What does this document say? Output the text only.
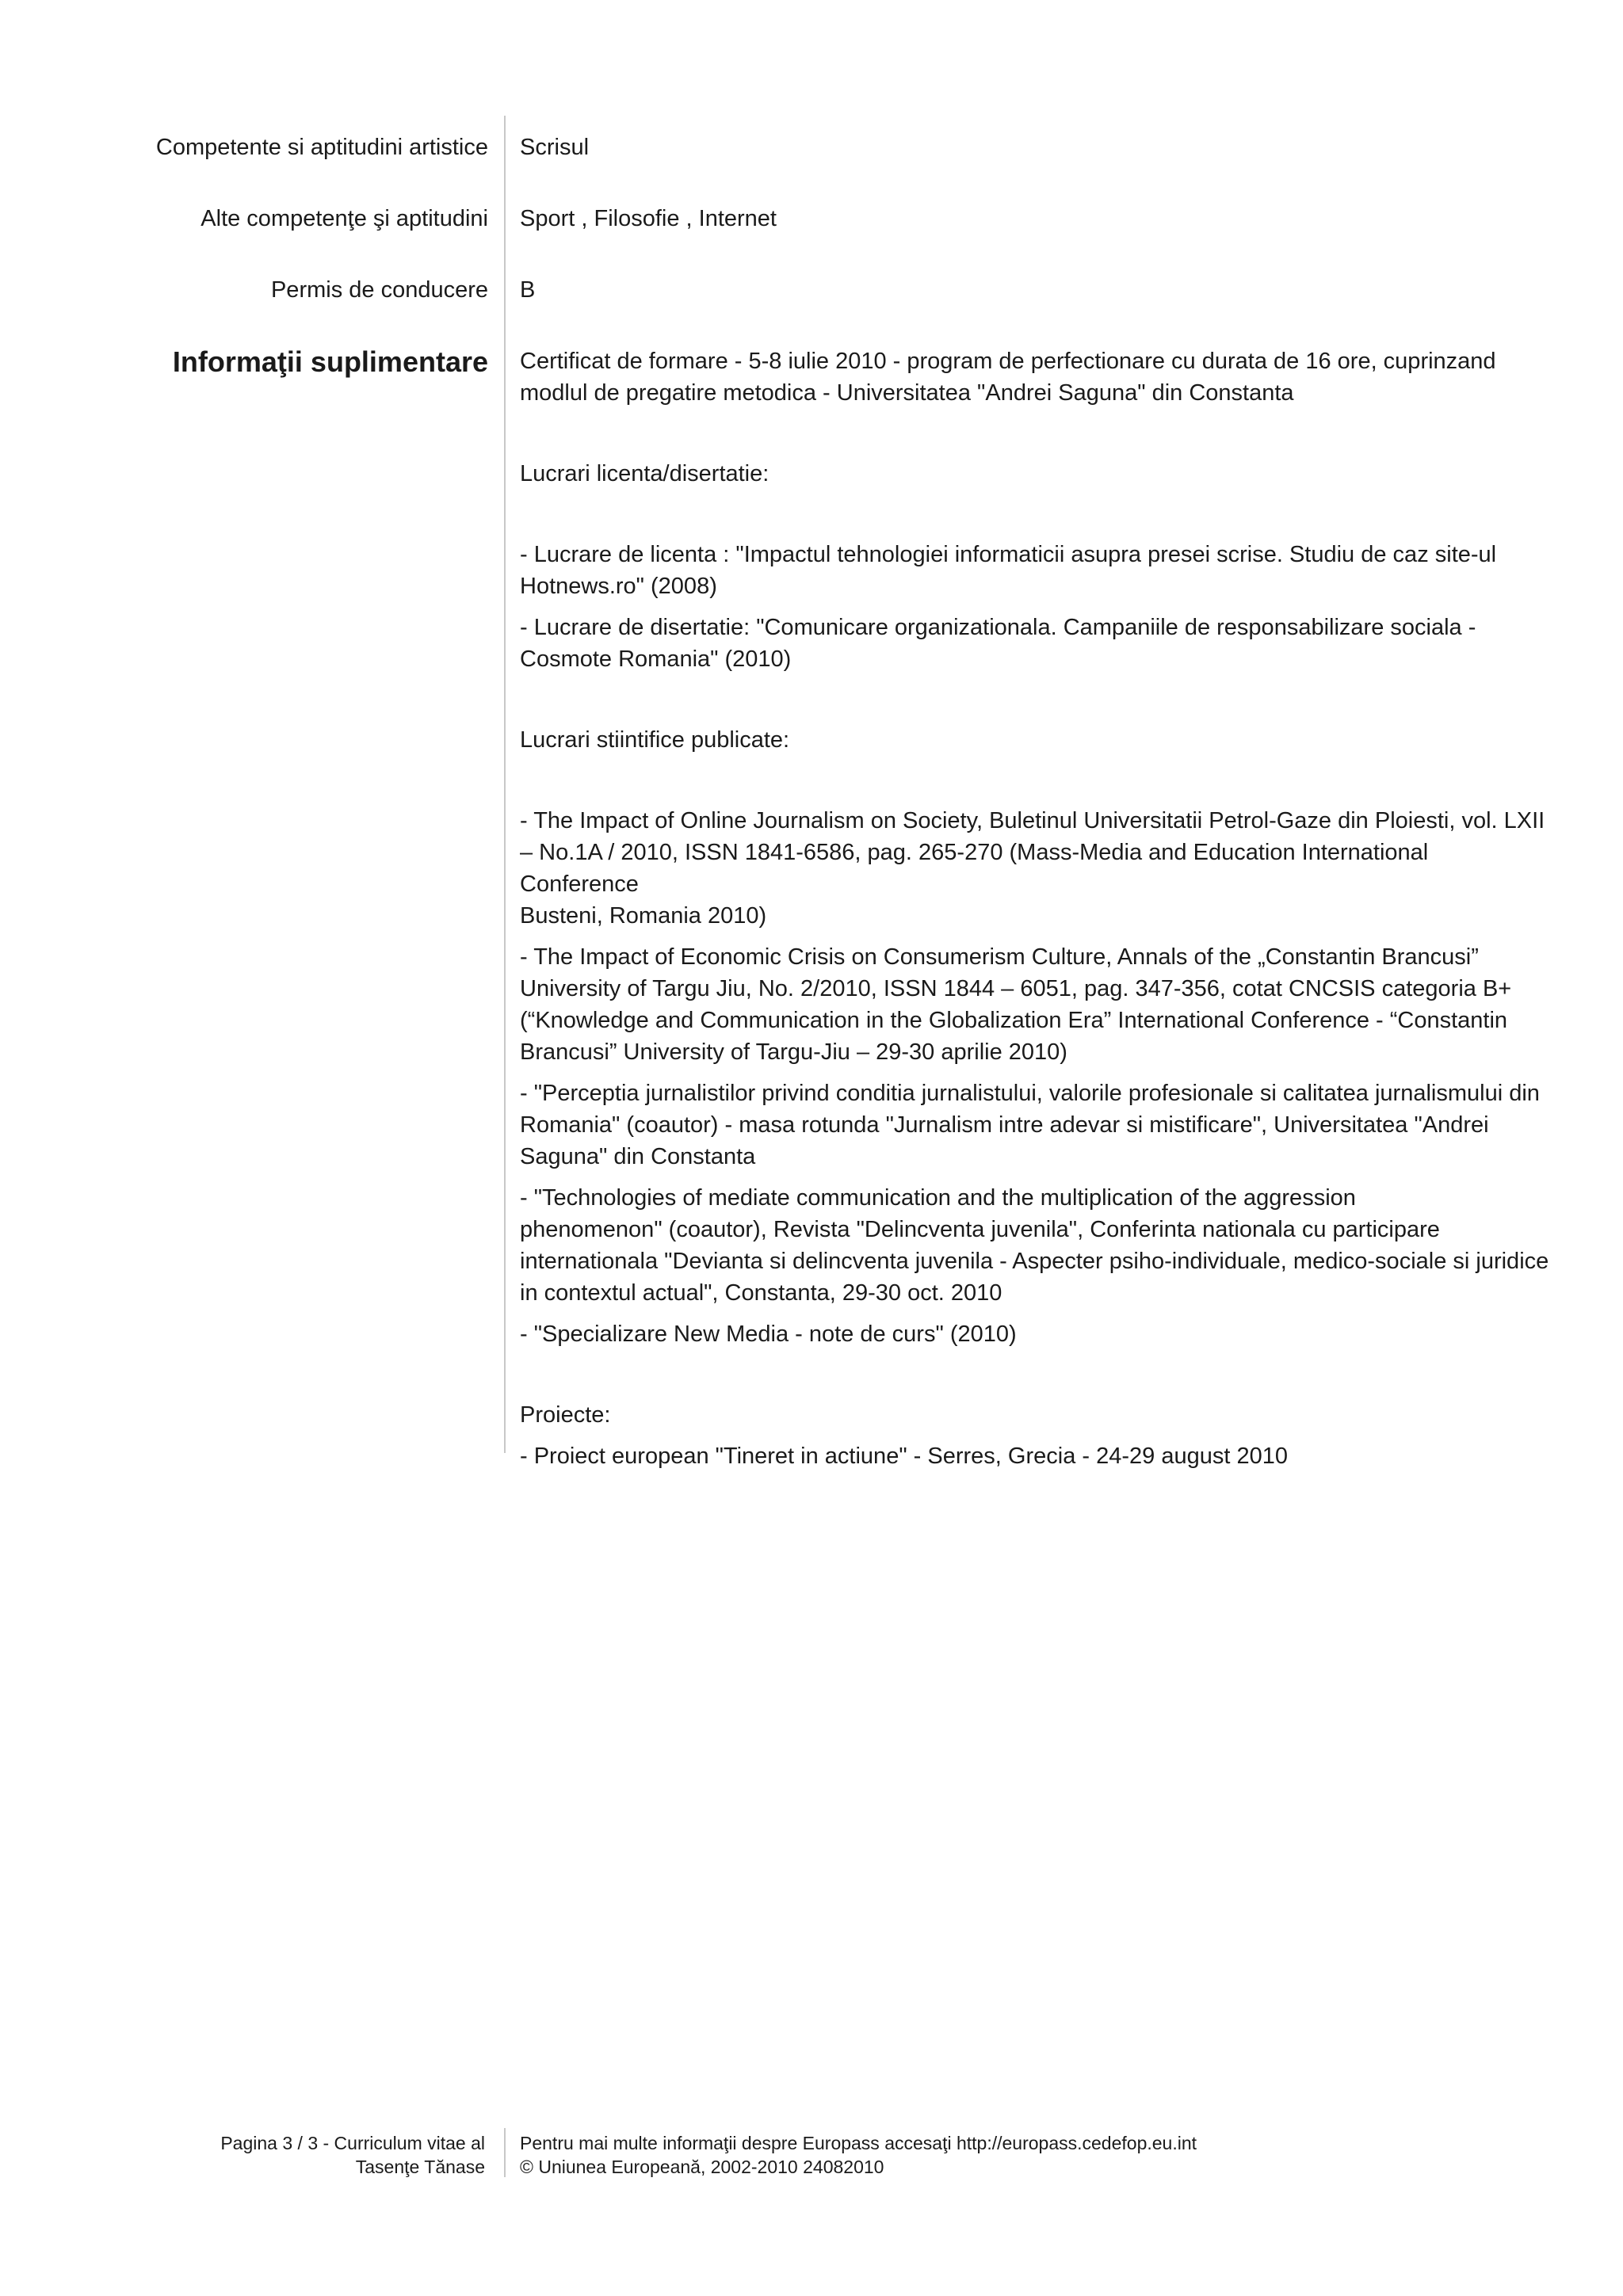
Competente si aptitudini artistice Scrisul
Alte competenţe şi aptitudini Sport , Filosofie , Internet
Permis de conducere B
Informaţii suplimentare Certificat de formare - 5-8 iulie 2010 - program de perfectionare cu durata de 16 ore, cuprinzand
modlul de pregatire metodica - Universitatea "Andrei Saguna" din Constanta
Lucrari licenta/disertatie:
- Lucrare de licenta : "Impactul tehnologiei informaticii asupra presei scrise. Studiu de caz site-ul
Hotnews.ro" (2008)
- Lucrare de disertatie: "Comunicare organizationala. Campaniile de responsabilizare sociala -
Cosmote Romania" (2010)
Lucrari stiintifice publicate:
- The Impact of Online Journalism on Society, Buletinul Universitatii Petrol-Gaze din Ploiesti, vol. LXII
– No.1A / 2010, ISSN 1841-6586, pag. 265-270 (Mass-Media and Education International Conference
Busteni, Romania 2010)
- The Impact of Economic Crisis on Consumerism Culture, Annals of the „Constantin Brancusi”
University of Targu Jiu, No. 2/2010, ISSN 1844 – 6051, pag. 347-356, cotat CNCSIS categoria B+
(“Knowledge and Communication in the Globalization Era” International Conference - “Constantin
Brancusi” University of Targu-Jiu – 29-30 aprilie 2010)
- "Perceptia jurnalistilor privind conditia jurnalistului, valorile profesionale si calitatea jurnalismului din
Romania" (coautor) - masa rotunda "Jurnalism intre adevar si mistificare", Universitatea "Andrei
Saguna" din Constanta
- "Technologies of mediate communication and the multiplication of the aggression
phenomenon" (coautor), Revista "Delincventa juvenila", Conferinta nationala cu participare
internationala "Devianta si delincventa juvenila - Aspecter psiho-individuale, medico-sociale si juridice
in contextul actual", Constanta, 29-30 oct. 2010
- "Specializare New Media - note de curs" (2010)
Proiecte:
- Proiect european "Tineret in actiune" - Serres, Grecia - 24-29 august 2010
Pagina 3 / 3 - Curriculum vitae al
Tasenţe Tănase
Pentru mai multe informaţii despre Europass accesaţi http://europass.cedefop.eu.int
© Uniunea Europeană, 2002-2010 24082010
